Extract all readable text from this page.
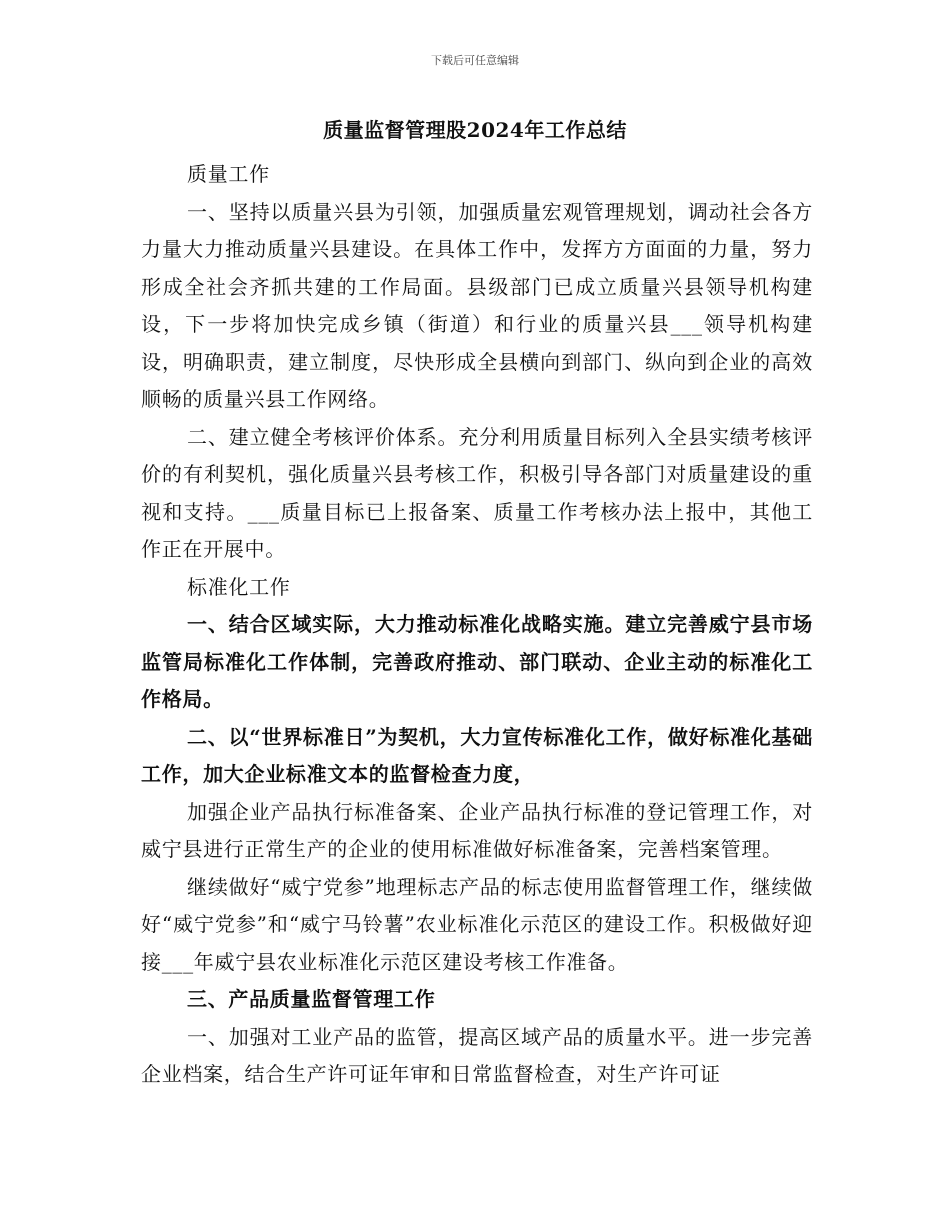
下载后可任意编辑
质量监督管理股2024年工作总结

质量工作

一、坚持以质量兴县为引领，加强质量宏观管理规划，调动社会各方力量大力推动质量兴县建设。在具体工作中，发挥方方面面的力量，努力形成全社会齐抓共建的工作局面。县级部门已成立质量兴县领导机构建设，下一步将加快完成乡镇（街道）和行业的质量兴县___领导机构建设，明确职责，建立制度，尽快形成全县横向到部门、纵向到企业的高效顺畅的质量兴县工作网络。

二、建立健全考核评价体系。充分利用质量目标列入全县实绩考核评价的有利契机，强化质量兴县考核工作，积极引导各部门对质量建设的重视和支持。___质量目标已上报备案、质量工作考核办法上报中，其他工作正在开展中。

标准化工作

一、结合区域实际，大力推动标准化战略实施。建立完善威宁县市场监管局标准化工作体制，完善政府推动、部门联动、企业主动的标准化工作格局。

二、以“世界标准日”为契机，大力宣传标准化工作，做好标准化基础工作，加大企业标准文本的监督检查力度，

加强企业产品执行标准备案、企业产品执行标准的登记管理工作，对威宁县进行正常生产的企业的使用标准做好标准备案，完善档案管理。

继续做好“威宁党参”地理标志产品的标志使用监督管理工作，继续做好“威宁党参”和“威宁马铃薯”农业标准化示范区的建设工作。积极做好迎接___年威宁县农业标准化示范区建设考核工作准备。

三、产品质量监督管理工作

一、加强对工业产品的监管，提高区域产品的质量水平。进一步完善企业档案，结合生产许可证年审和日常监督检查，对生产许可证
